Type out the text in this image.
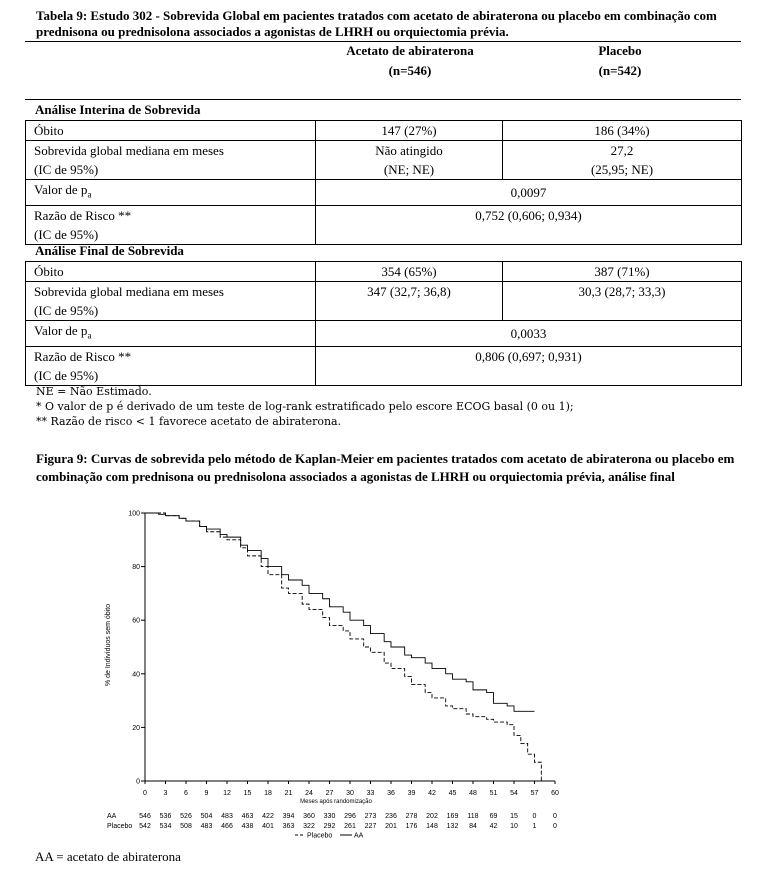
Tabela 9: Estudo 302 - Sobrevida Global em pacientes tratados com acetato de abiraterona ou placebo em combinação com prednisona ou prednisolona associados a agonistas de LHRH ou orquiectomia prévia.
Acetato de abiraterona
(n=546)
Placebo
(n=542)
Análise Interina de Sobrevida
Óbito	147 (27%)	186 (34%)
Sobrevida global mediana em meses	Não atingido	27,2
(IC de 95%)	(NE; NE)	(25,95; NE)
Valor de $p_a$	0,0097	
Razão de Risco **	0,752 (0,606; 0,934)	
(IC de 95%)		
Análise Final de Sobrevida
Óbito	354 (65%)	387 (71%)
Sobrevida global mediana em meses	347 (32,7; 36,8)	30,3 (28,7; 33,3)
(IC de 95%)		
Valor de $p_a$	0,0033	
Razão de Risco **	0,806 (0,697; 0,931)	
(IC de 95%)		
NE = Não Estimado.
* O valor de p é derivado de um teste de log-rank estratificado pelo escore ECOG basal (0 ou 1);
** Razão de risco < 1 favorece acetato de abiraterona.
Figura 9: Curvas de sobrevida pelo método de Kaplan-Meier em pacientes tratados com acetato de abiraterona ou placebo em combinação com prednisona ou prednisolona associados a agonistas de LHRH ou orquiectomia prévia, análise final
0
20
40
60
80
100
0 3 6 9 12 15 18 21 24 27 30 33 36 39 42 45 48 51 54 57 60
AA	546 536 526 504 483 463 422 394 360 330 296 273 236 278 202 169 118 69 15 0 0
Placebo 542 534 508 483 466 438 401 363 322 292 261 227 201 176 148 132 84 42 10 1 0
Placebo	AA
% de Indivíduos sem óbito
Meses após randomização
AA = acetato de abiraterona
